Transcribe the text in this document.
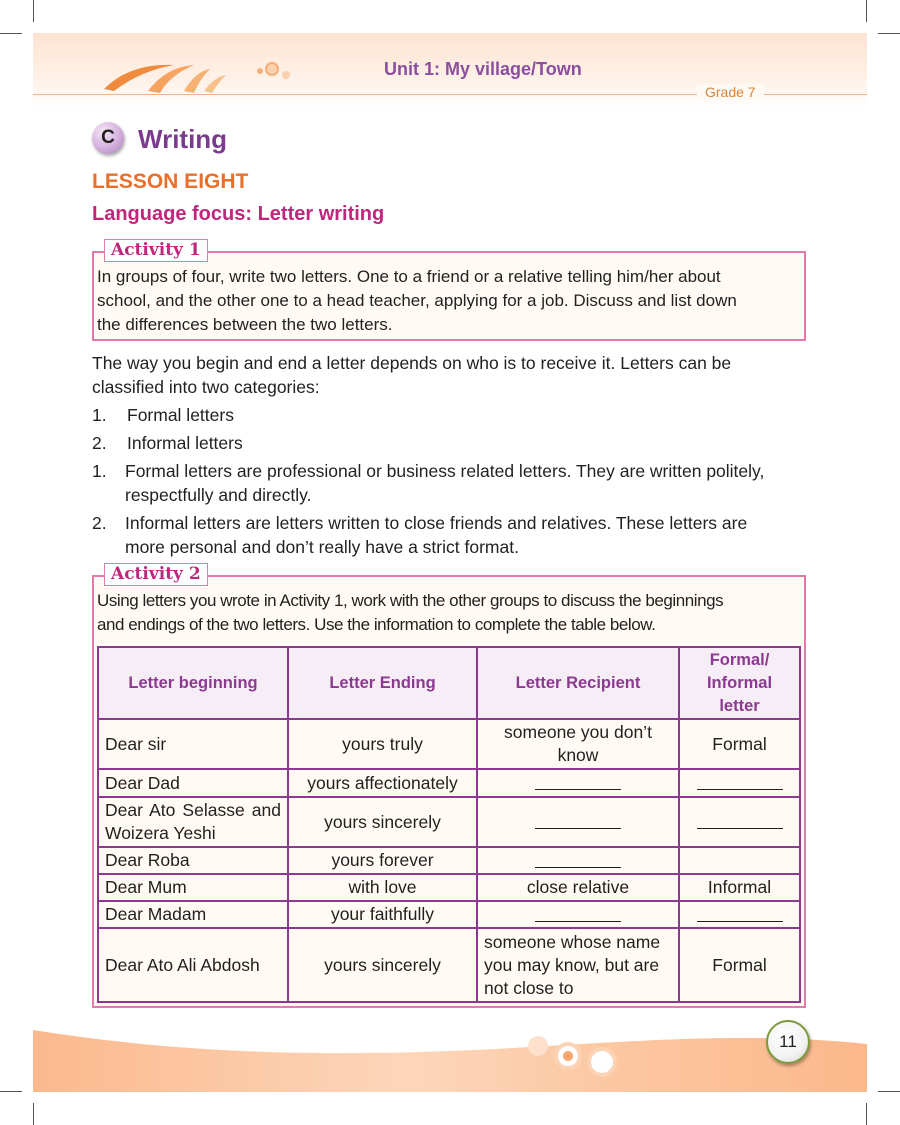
Unit 1: My village/Town
Grade 7
C Writing
LESSON EIGHT
Language focus: Letter writing
Activity 1
In groups of four, write two letters. One to a friend or a relative telling him/her about
school, and the other one to a head teacher, applying for a job. Discuss and list down
the differences between the two letters.
The way you begin and end a letter depends on who is to receive it. Letters can be
classified into two categories:
1. Formal letters
2. Informal letters
1. Formal letters are professional or business related letters. They are written politely,
respectfully and directly.
2. Informal letters are letters written to close friends and relatives. These letters are
more personal and don’t really have a strict format.
Activity 2
Using letters you wrote in Activity 1, work with the other groups to discuss the beginnings
and endings of the two letters. Use the information to complete the table below.
Letter beginning	Letter Ending	Letter Recipient	Formal/ Informal letter
Dear sir	yours truly	someone you don’t know	Formal
Dear Dad	yours affectionately		
Dear Ato Selasse and Woizera Yeshi	yours sincerely		
Dear Roba	yours forever		
Dear Mum	with love	close relative	Informal
Dear Madam	your faithfully		
Dear Ato Ali Abdosh	yours sincerely	someone whose name you may know, but are not close to	Formal
11
